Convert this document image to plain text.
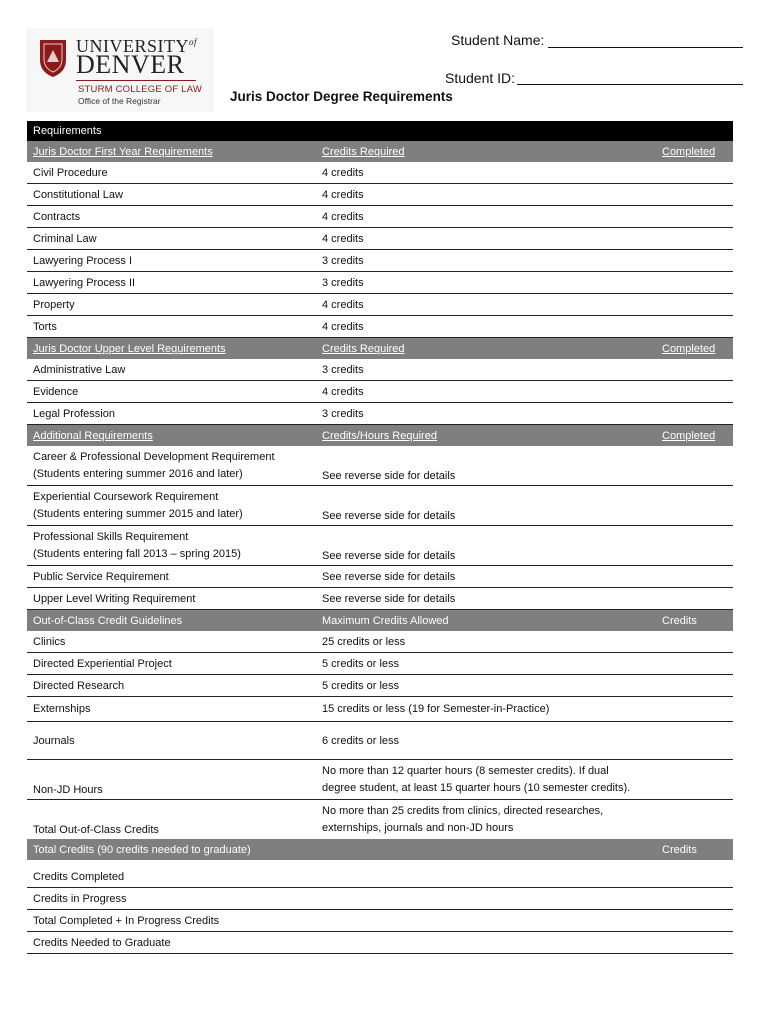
$UNIVERSITY^{of}$
DENVER
STURM COLLEGE OF LAW
Office of the Registrar
Student Name:
Student ID:
Juris Doctor Degree Requirements
Requirements		
Juris Doctor First Year Requirements	Credits Required	Completed
Civil Procedure	4 credits	
Constitutional Law	4 credits	
Contracts	4 credits	
Criminal Law	4 credits	
Lawyering Process I	3 credits	
Lawyering Process II	3 credits	
Property	4 credits	
Torts	4 credits	
Juris Doctor Upper Level Requirements	Credits Required	Completed
Administrative Law	3 credits	
Evidence	4 credits	
Legal Profession	3 credits	
Additional Requirements	Credits/Hours Required	Completed

Career & Professional Development Requirement
(Students entering summer 2016 and later)	See reverse side for details	

Experiential Coursework Requirement
(Students entering summer 2015 and later)	See reverse side for details	

Professional Skills Requirement
(Students entering fall 2013 – spring 2015)	See reverse side for details	
Public Service Requirement	See reverse side for details	
Upper Level Writing Requirement	See reverse side for details	
Out-of-Class Credit Guidelines	Maximum Credits Allowed	Credits
Clinics	25 credits or less	
Directed Experiential Project	5 credits or less	
Directed Research	5 credits or less	
Externships	15 credits or less (19 for Semester-in-Practice)	
Journals	6 credits or less	
Non-JD Hours	No more than 12 quarter hours (8 semester credits). If dual
degree student, at least 15 quarter hours (10 semester credits).	

Total Out-of-Class Credits	No more than 25 credits from clinics, directed researches,
externships, journals and non-JD hours	

Total Credits (90 credits needed to graduate)		Credits

Credits Completed		
Credits in Progress		
Total Completed + In Progress Credits		
Credits Needed to Graduate		
